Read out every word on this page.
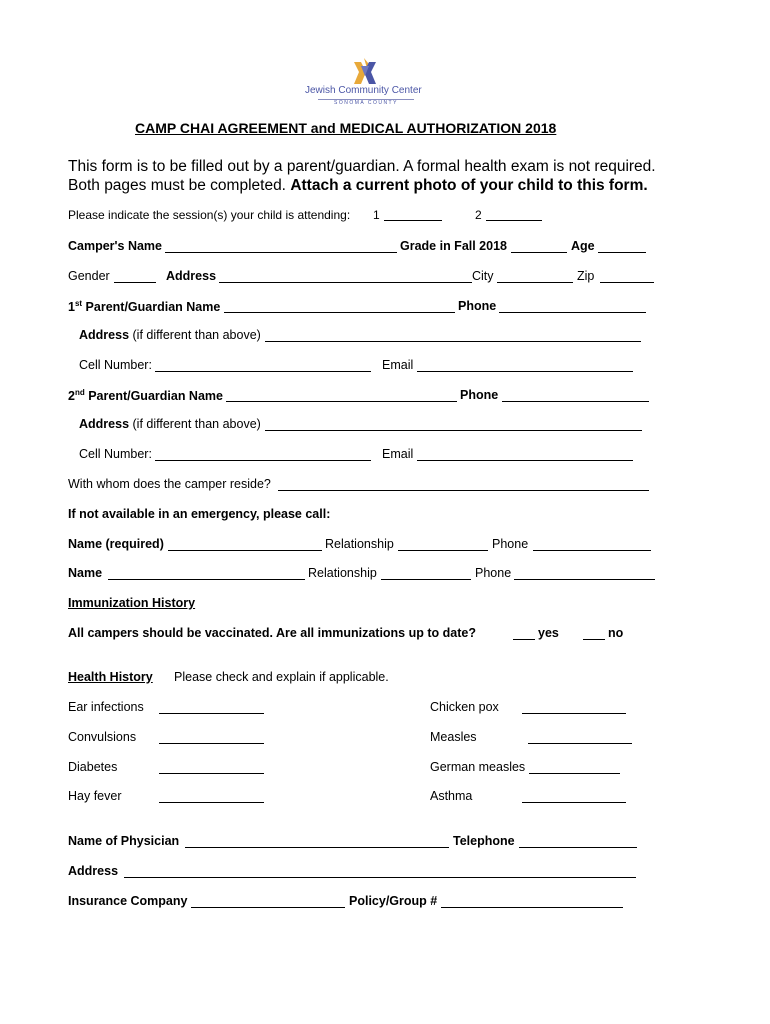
Jewish Community Center
SONOMA COUNTY
CAMP CHAI AGREEMENT and MEDICAL AUTHORIZATION 2018
This form is to be filled out by a parent/guardian. A formal health exam is not required.
Both pages must be completed. Attach a current photo of your child to this form.
Please indicate the session(s) your child is attending: 1	2
Camper's Name	Grade in Fall 2018	Age
Gender	Address	City	Zip
1st Parent/Guardian Name	Phone
Address (if different than above)
Cell Number:	Email
2nd Parent/Guardian Name	Phone
Address (if different than above)
Cell Number:	Email
With whom does the camper reside?
If not available in an emergency, please call:
Name (required)	Relationship	Phone
Name	Relationship	Phone
Immunization History
All campers should be vaccinated. Are all immunizations up to date?	yes	no
Health History Please check and explain if applicable.
Ear infections	Chicken pox
Convulsions	Measles
Diabetes	German measles
Hay fever	Asthma
Name of Physician	Telephone
Address
Insurance Company	Policy/Group #
